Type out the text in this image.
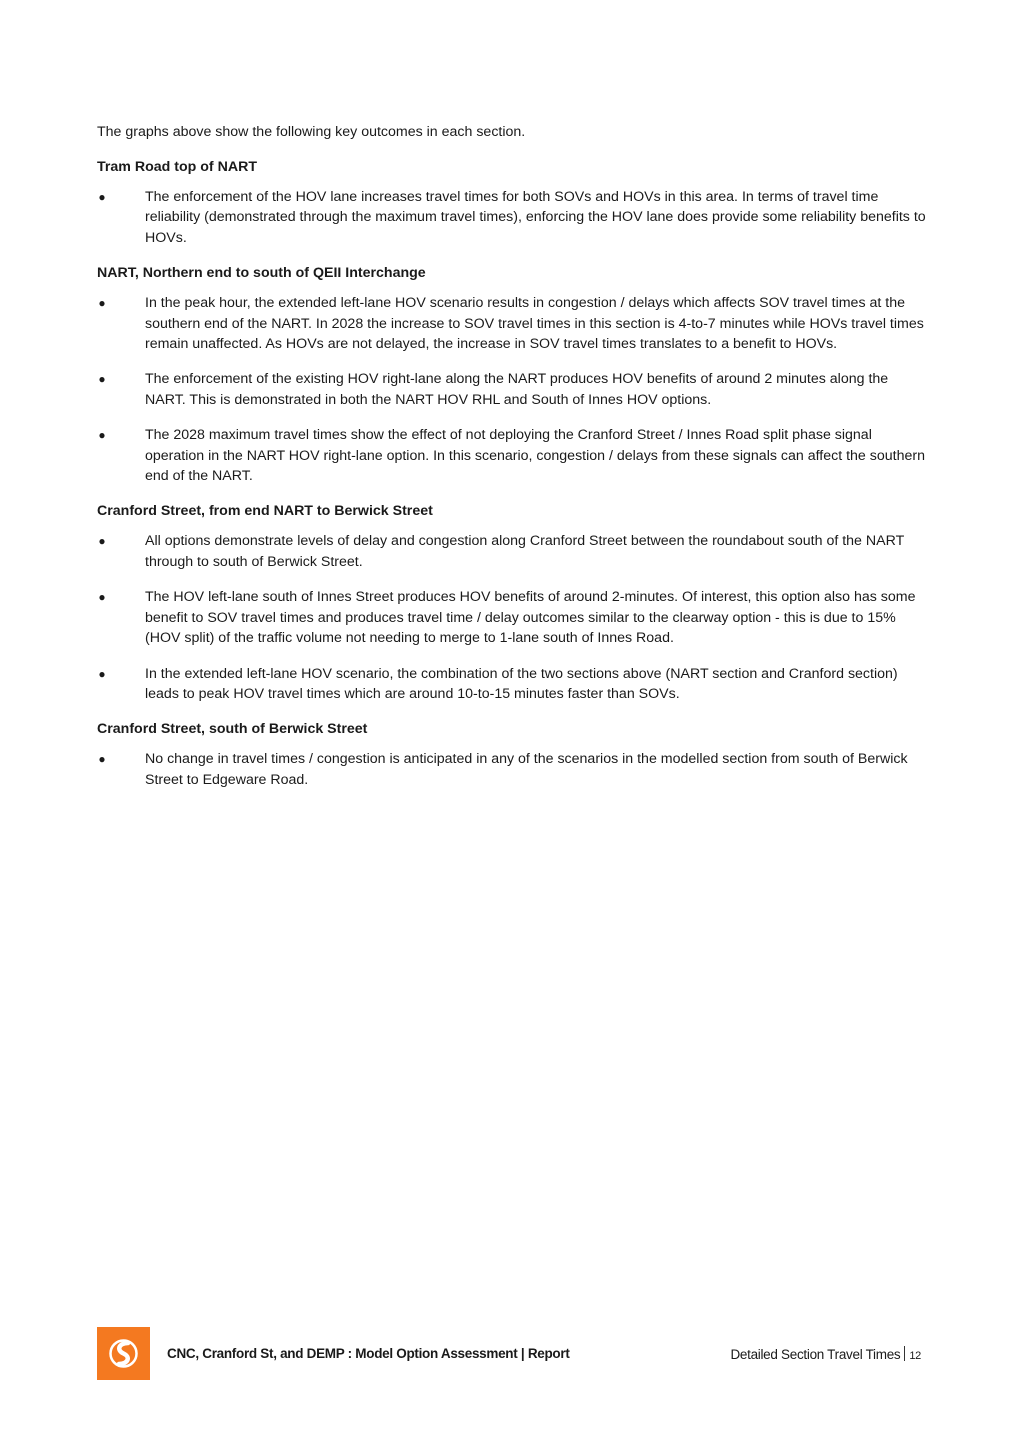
The graphs above show the following key outcomes in each section.

Tram Road top of NART

●	The enforcement of the HOV lane increases travel times for both SOVs and HOVs in this area. In terms of travel time reliability (demonstrated through the maximum travel times), enforcing the HOV lane does provide some reliability benefits to HOVs.

NART, Northern end to south of QEII Interchange

●	In the peak hour, the extended left-lane HOV scenario results in congestion / delays which affects SOV travel times at the southern end of the NART. In 2028 the increase to SOV travel times in this section is 4-to-7 minutes while HOVs travel times remain unaffected. As HOVs are not delayed, the increase in SOV travel times translates to a benefit to HOVs.
●	The enforcement of the existing HOV right-lane along the NART produces HOV benefits of around 2 minutes along the NART. This is demonstrated in both the NART HOV RHL and South of Innes HOV options.
●	The 2028 maximum travel times show the effect of not deploying the Cranford Street / Innes Road split phase signal operation in the NART HOV right-lane option. In this scenario, congestion / delays from these signals can affect the southern end of the NART.

Cranford Street, from end NART to Berwick Street

●	All options demonstrate levels of delay and congestion along Cranford Street between the roundabout south of the NART through to south of Berwick Street.
●	The HOV left-lane south of Innes Street produces HOV benefits of around 2-minutes. Of interest, this option also has some benefit to SOV travel times and produces travel time / delay outcomes similar to the clearway option - this is due to 15% (HOV split) of the traffic volume not needing to merge to 1-lane south of Innes Road.
●	In the extended left-lane HOV scenario, the combination of the two sections above (NART section and Cranford section) leads to peak HOV travel times which are around 10-to-15 minutes faster than SOVs.

Cranford Street, south of Berwick Street

●	No change in travel times / congestion is anticipated in any of the scenarios in the modelled section from south of Berwick Street to Edgeware Road.
CNC, Cranford St, and DEMP : Model Option Assessment | Report	Detailed Section Travel Times 12
